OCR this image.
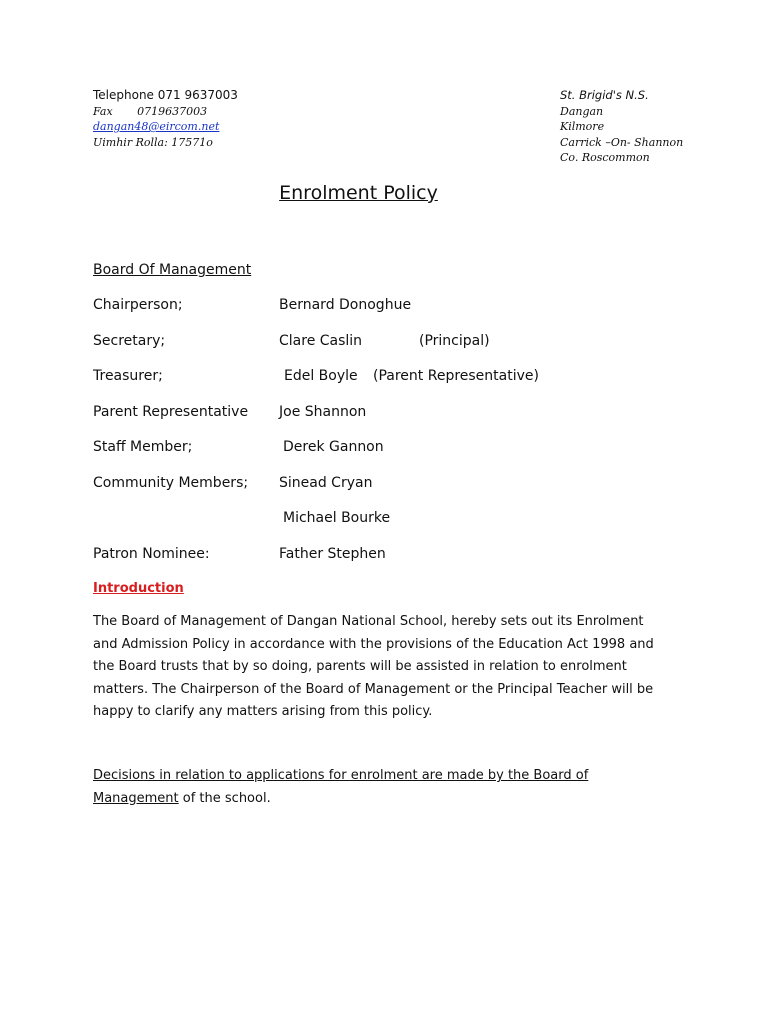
Telephone 071 9637003
Fax       0719637003
dangan48@eircom.net
Uimhir Rolla: 17571o
St. Brigid's N.S.
Dangan
Kilmore
Carrick –On- Shannon
Co. Roscommon
Enrolment Policy
Board Of Management
Chairperson;	Bernard Donoghue
Secretary;	Clare Caslin	(Principal)
Treasurer;	Edel Boyle (Parent Representative)
Parent Representative Joe Shannon
Staff Member;	Derek Gannon
Community Members; Sinead Cryan
Michael Bourke
Patron Nominee:	Father Stephen
Introduction
The Board of Management of Dangan National School, hereby sets out its Enrolment
and Admission Policy in accordance with the provisions of the Education Act 1998 and
the Board trusts that by so doing, parents will be assisted in relation to enrolment
matters. The Chairperson of the Board of Management or the Principal Teacher will be
happy to clarify any matters arising from this policy.
Decisions in relation to applications for enrolment are made by the Board of
Management of the school.
